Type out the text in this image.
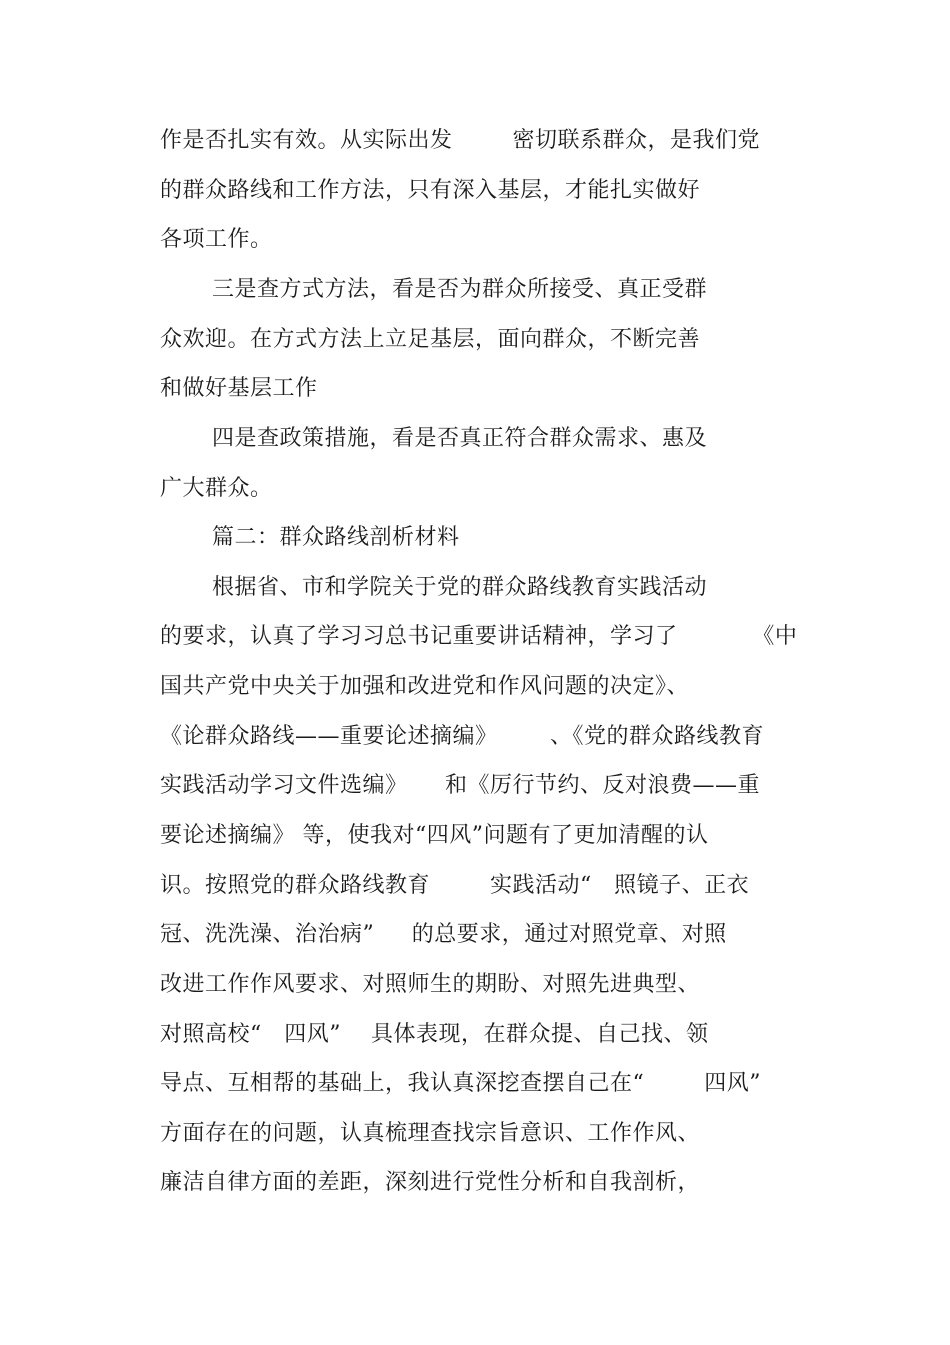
作是否扎实有效。从实际出发        密切联系群众，是我们党
的群众路线和工作方法，只有深入基层，才能扎实做好
各项工作。
三是查方式方法，看是否为群众所接受、真正受群
众欢迎。在方式方法上立足基层，面向群众，不断完善
和做好基层工作
四是查政策措施，看是否真正符合群众需求、惠及
广大群众。
篇二：群众路线剖析材料
根据省、市和学院关于党的群众路线教育实践活动
的要求，认真了学习习总书记重要讲话精神，学习了          《中
国共产党中央关于加强和改进党和作风问题的决定》、
《论群众路线——重要论述摘编》       、《党的群众路线教育
实践活动学习文件选编》     和《厉行节约、反对浪费——重
要论述摘编》 等，使我对“四风”问题有了更加清醒的认
识。按照党的群众路线教育        实践活动“   照镜子、正衣
冠、洗洗澡、治治病”     的总要求，通过对照党章、对照
改进工作作风要求、对照师生的期盼、对照先进典型、
对照高校“   四风”    具体表现，在群众提、自己找、领
导点、互相帮的基础上，我认真深挖查摆自己在“        四风”
方面存在的问题，认真梳理查找宗旨意识、工作作风、
廉洁自律方面的差距，深刻进行党性分析和自我剖析，
